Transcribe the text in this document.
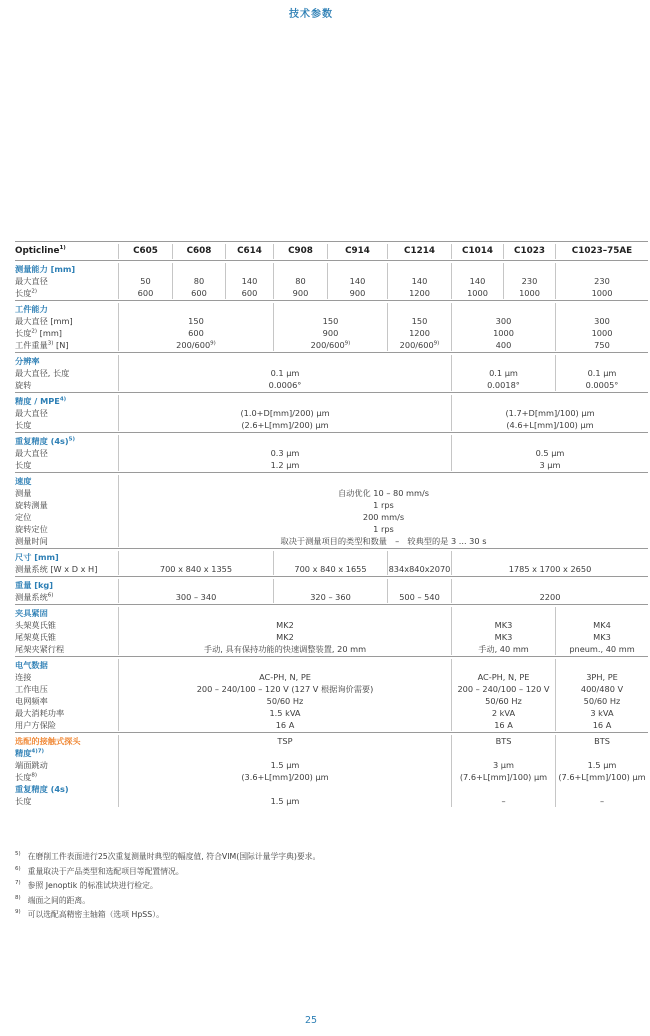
技术参数
Opticline$^{1)}$	C605	C608	C614	C908	C914	C1214	C1014	C1023	C1023–75AE
测量能力 [mm]
最大直径	50	80	140	80	140	140	140	230	230
长度$^{2)}$	600	600	600	900	900	1200	1000	1000	1000
工件能力
最大直径 [mm]	150	150	150	300	300
长度$^{2)}$ [mm]	600	900	1200	1000	1000
工件重量$^{3)}$ [N]	200/600$^{9)}$	200/600$^{9)}$	200/600$^{9)}$	400	750
分辨率
最大直径, 长度	0.1 μm	0.1 μm	0.1 μm
旋转	0.0006°	0.0018°	0.0005°
精度 / MPE$^{4)}$
最大直径	(1.0+D[mm]/200) μm	(1.7+D[mm]/100) μm
长度	(2.6+L[mm]/200) μm	(4.6+L[mm]/100) μm
重复精度 $(4s)^{5)}$
最大直径	0.3 μm	0.5 μm
长度	1.2 μm	3 μm
速度
测量	自动优化 10 – 80 mm/s
旋转测量	1 rps
定位	200 mm/s
旋转定位	1 rps
测量时间	取决于测量项目的类型和数量　–　较典型的是 3 ... 30 s
尺寸 [mm]
测量系统 [W x D x H]	700 x 840 x 1355	700 x 840 x 1655	834x840x2070	1785 x 1700 x 2650
重量 [kg]
测量系统$^{6)}$	300 – 340	320 – 360	500 – 540	2200
夹具紧固
头架莫氏锥	MK2	MK3	MK4
尾架莫氏锥	MK2	MK3	MK3
尾架夹紧行程	手动, 具有保持功能的快速调整装置, 20 mm	手动, 40 mm	pneum., 40 mm
电气数据
连接	AC-PH, N, PE	AC-PH, N, PE	3PH, PE
工作电压	200 – 240/100 – 120 V (127 V 根据询价需要)	200 – 240/100 – 120 V	400/480 V
电网频率	50/60 Hz	50/60 Hz	50/60 Hz
最大消耗功率	1.5 kVA	2 kVA	3 kVA
用户方保险	16 A	16 A	16 A
选配的接触式探头	TSP	BTS	BTS
精度$^{4)7)}$
端面跳动	1.5 μm	3 μm	1.5 μm
长度$^{8)}$	(3.6+L[mm]/200) μm	(7.6+L[mm]/100) μm	(7.6+L[mm]/100) μm
重复精度 (4s)
长度	1.5 μm	–	–
$^{5)}$ 在磨削工件表面进行25次重复测量时典型的幅度值, 符合VIM(国际计量学字典)要求。
$^{6)}$ 重量取决于产品类型和选配项目等配置情况。
$^{7)}$ 参照 Jenoptik 的标准试块进行检定。
$^{8)}$ 端面之间的距离。
$^{9)}$ 可以选配高精密主轴箱（选项 HpSS）。
25
